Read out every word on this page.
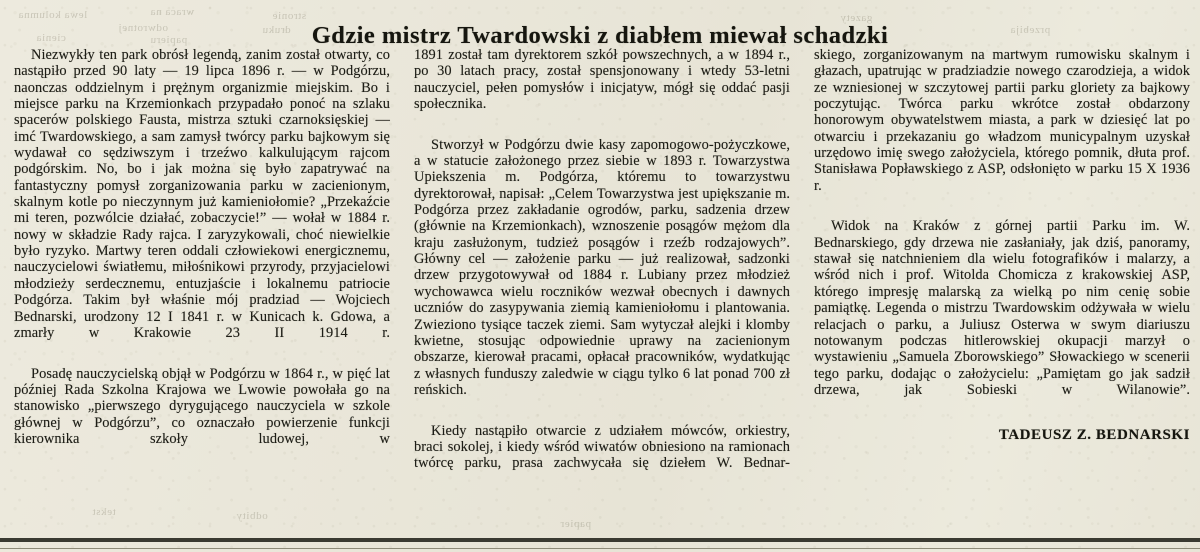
lewa kolumna	wraca na	stronie
odwrotnej	druku
cienia	papieru
gazety
przebija
tekst	odbity
papier
Gdzie mistrz Twardowski z diabłem miewał schadzki

Niezwykły ten park obrósł legendą, zanim został otwarty, co nastąpiło przed 90 laty — 19 lipca 1896 r. — w Podgórzu, naonczas oddzielnym i prężnym organizmie miejskim. Bo i miejsce parku na Krzemionkach przypadało ponoć na szlaku spacerów polskiego Fausta, mistrza sztuki czarnoksięskiej — imć Twardowskiego, a sam zamysł twórcy parku bajkowym się wydawał co sędziwszym i trzeźwo kalkulującym rajcom podgórskim. No, bo i jak można się było zapatrywać na fantastyczny pomysł zorganizowania parku w zacienionym, skalnym kotle po nieczynnym już kamieniołomie? „Przekaźcie mi teren, pozwólcie działać, zobaczycie!” — wołał w 1884 r. nowy w składzie Rady rajca. I zaryzykowali, choć niewielkie było ryzyko. Martwy teren oddali człowiekowi energicznemu, nauczycielowi światłemu, miłośnikowi przyrody, przyjacielowi młodzieży serdecznemu, entuzjaście i lokalnemu patriocie Podgórza. Takim był właśnie mój pradziad — Wojciech Bednarski, urodzony 12 I 1841 r. w Kunicach k. Gdowa, a zmarły w Krakowie 23 II 1914 r.

Posadę nauczycielską objął w Podgórzu w 1864 r., w pięć lat później Rada Szkolna Krajowa we Lwowie powołała go na stanowisko „pierwszego dyrygującego nauczyciela w szkole głównej w Podgórzu”, co oznaczało powierzenie funkcji kierownika szkoły ludowej, w

1891 został tam dyrektorem szkół powszechnych, a w 1894 r., po 30 latach pracy, został spensjonowany i wtedy 53-letni nauczyciel, pełen pomysłów i inicjatyw, mógł się oddać pasji społecznika.

Stworzył w Podgórzu dwie kasy zapomogowo-pożyczkowe, a w statucie założonego przez siebie w 1893 r. Towarzystwa Upiekszenia m. Podgórza, któremu to towarzystwu dyrektorował, napisał: „Celem Towarzystwa jest upiększanie m. Podgórza przez zakładanie ogrodów, parku, sadzenia drzew (głównie na Krzemionkach), wznoszenie posągów mężom dla kraju zasłużonym, tudzież posągów i rzeźb rodzajowych”. Główny cel — założenie parku — już realizował, sadzonki drzew przygotowywał od 1884 r. Lubiany przez młodzież wychowawca wielu roczników wezwał obecnych i dawnych uczniów do zasypywania ziemią kamieniołomu i plantowania. Zwieziono tysiące taczek ziemi. Sam wytyczał alejki i klomby kwietne, stosując odpowiednie uprawy na zacienionym obszarze, kierował pracami, opłacał pracowników, wydatkując z własnych funduszy zaledwie w ciągu tylko 6 lat ponad 700 zł reńskich.

Kiedy nastąpiło otwarcie z udziałem mówców, orkiestry, braci sokolej, i kiedy wśród wiwatów obniesiono na ramionach twórcę parku, prasa zachwycała się dziełem W. Bednar-

skiego, zorganizowanym na martwym rumowisku skalnym i głazach, upatrując w pradziadzie nowego czarodzieja, a widok ze wzniesionej w szczytowej partii parku gloriety za bajkowy poczytując. Twórca parku wkrótce został obdarzony honorowym obywatelstwem miasta, a park w dziesięć lat po otwarciu i przekazaniu go władzom municypalnym uzyskał urzędowo imię swego założyciela, którego pomnik, dłuta prof. Stanisława Popławskiego z ASP, odsłonięto w parku 15 X 1936 r.

Widok na Kraków z górnej partii Parku im. W. Bednarskiego, gdy drzewa nie zasłaniały, jak dziś, panoramy, stawał się natchnieniem dla wielu fotografików i malarzy, a wśród nich i prof. Witolda Chomicza z krakowskiej ASP, którego impresję malarską za wielką po nim cenię sobie pamiątkę. Legenda o mistrzu Twardowskim odżywała w wielu relacjach o parku, a Juliusz Osterwa w swym diariuszu notowanym podczas hitlerowskiej okupacji marzył o wystawieniu „Samuela Zborowskiego” Słowackiego w scenerii tego parku, dodając o założycielu: „Pamiętam go jak sadził drzewa, jak Sobieski w Wilanowie”.

TADEUSZ Z. BEDNARSKI
